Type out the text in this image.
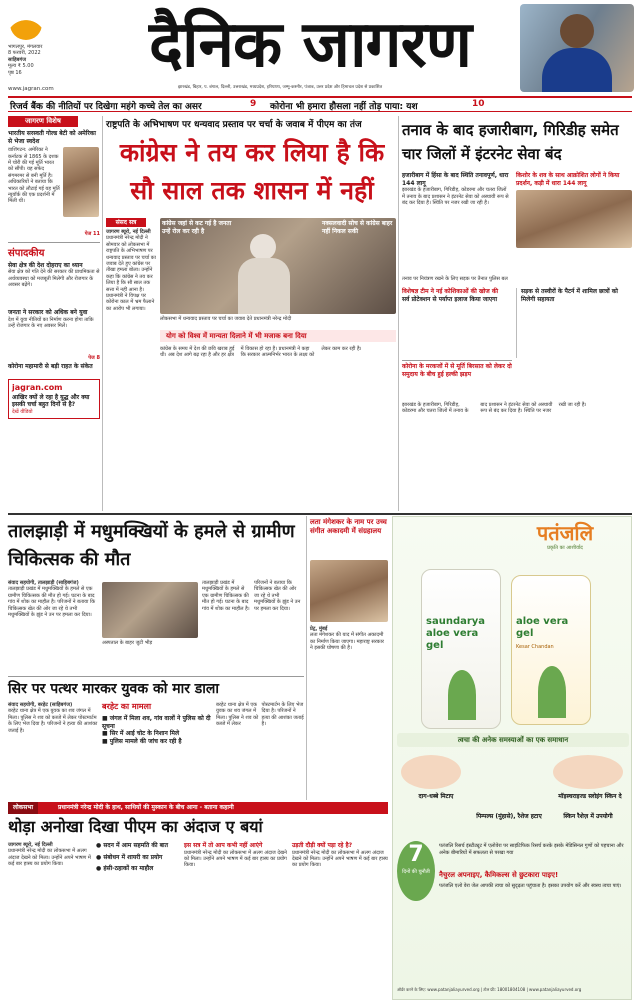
भागलपुर, मंगलवार
8 फरवरी, 2022
साहिबगंज
मूल्य ₹ 5.00
पृष्ठ 16
www.jagran.com
दैनिक जागरण
झारखंड, बिहार, प. बंगाल, दिल्ली, उत्तराखंड, मध्यप्रदेश, हरियाणा, जम्मू-कश्मीर, पंजाब, उत्तर प्रदेश और हिमाचल प्रदेश से प्रकाशित
रिजर्व बैंक की नीतियों पर दिखेगा महंगे कच्चे तेल का असर	9 कोरोना भी हमारा हौसला नहीं तोड़ पाया: यश	10
जागरण विशेष
भारतीय सरस्वती गोल्ड बेटी को अमेरिका से भेजा स्वदेश
वाशिंगटन: अमेरिका ने कर्नाटक से 1865 के दशक में चोरी की गई मूर्ति भारत को सौंपी। यह सफेद संगमरमर से बनी मूर्ति है। अधिकारियों ने बताया कि भारत को लौटाई गई यह मूर्ति न्यूयॉर्क की एक प्रदर्शनी में मिली थी।
पेज 11
संपादकीय
सेवा क्षेत्र की देश दोहराए का ध्यान
सेवा क्षेत्र को गति देने की सरकार की प्राथमिकता से अर्थव्यवस्था को मजबूती मिलेगी और रोजगार के अवसर बढ़ेंगे।
जनता ने सरकार को अधिक बने युवा
देश में युवा नीतियों का निर्माण करना होगा ताकि उन्हें रोजगार के नए अवसर मिलें।
पेज 8
कोरोना महामारी से बड़ी राहत के संकेत
jagran.com
आखिर क्यों ले रहा है युद्ध और क्या इसकी चर्चा बहुत दिनों से है?
देखें वीडियो
राष्ट्रपति के अभिभाषण पर धन्यवाद प्रस्ताव पर चर्चा के जवाब में पीएम का तंज
कांग्रेस ने तय कर लिया है कि सौ साल तक शासन में नहीं
संसद सत्र
जागरण ब्यूरो, नई दिल्ली
प्रधानमंत्री नरेन्द्र मोदी ने सोमवार को लोकसभा में राष्ट्रपति के अभिभाषण पर धन्यवाद प्रस्ताव पर चर्चा का जवाब देते हुए कांग्रेस पर तीखा हमला बोला। उन्होंने कहा कि कांग्रेस ने तय कर लिया है कि सौ साल तक सत्ता में नहीं आना है। प्रधानमंत्री ने विपक्ष पर कोरोना काल में भ्रम फैलाने का आरोप भी लगाया।
कांग्रेस जहां से कट गई है जनता उन्हें रोल कर रही है
नक्सलवादी सोच से कांग्रेस बाहर नहीं निकल सकी
लोकसभा में धन्यवाद प्रस्ताव पर चर्चा का जवाब देते प्रधानमंत्री नरेन्द्र मोदी
योग को विश्व में मान्यता दिलाने में भी मजाक बना दिया
कांग्रेस के समय में देश की छवि खराब हुई थी। अब देश आगे बढ़ रहा है और हर क्षेत्र में विकास हो रहा है। प्रधानमंत्री ने कहा कि सरकार आत्मनिर्भर भारत के लक्ष्य को लेकर काम कर रही है।
तनाव के बाद हजारीबाग, गिरिडीह समेत चार जिलों में इंटरनेट सेवा बंद
हजारीबाग में हिंसा के बाद स्थिति तनावपूर्ण, धारा 144 लागू
झारखंड के हजारीबाग, गिरिडीह, कोडरमा और चतरा जिलों में तनाव के बाद प्रशासन ने इंटरनेट सेवा को अस्थायी रूप से बंद कर दिया है। स्थिति पर नजर रखी जा रही है।
किशोर के शव के साथ आक्रोशित लोगों ने किया प्रदर्शन, कड़ी में धारा 144 लागू
तनाव पर नियंत्रण रखने के लिए सड़क पर तैनात पुलिस बल
विशेषज्ञ टीम ने नई कोशिकाओं की खोज की
सर्व प्रोटेक्शन से पर्याप्त इलाज किया जाएगा
सड़क से तस्वीरों के पैटर्न में शामिल छात्रों को मिलेगी सहायता
कोरोना के मरकजों में से मूर्ति बिरसात को लेकर दो समुदाय के बीच हुई हल्की झड़प
झारखंड के हजारीबाग, गिरिडीह, कोडरमा और चतरा जिलों में तनाव के बाद प्रशासन ने इंटरनेट सेवा को अस्थायी रूप से बंद कर दिया है। स्थिति पर नजर रखी जा रही है।
तालझाड़ी में मधुमक्खियों के हमले से ग्रामीण चिकित्सक की मौत
संवाद सहयोगी, तालझाड़ी (साहिबगंज)
तालझाड़ी प्रखंड में मधुमक्खियों के हमले से एक ग्रामीण चिकित्सक की मौत हो गई। घटना के बाद गांव में शोक का माहौल है। परिजनों ने बताया कि चिकित्सक खेत की ओर जा रहे थे तभी मधुमक्खियों के झुंड ने उन पर हमला कर दिया।
अस्पताल के बाहर जुटी भीड़
तालझाड़ी प्रखंड में मधुमक्खियों के हमले से एक ग्रामीण चिकित्सक की मौत हो गई। घटना के बाद गांव में शोक का माहौल है। परिजनों ने बताया कि चिकित्सक खेत की ओर जा रहे थे तभी मधुमक्खियों के झुंड ने उन पर हमला कर दिया।
सिर पर पत्थर मारकर युवक को मार डाला
संवाद सहयोगी, बरहेट (साहिबगंज)
बरहेट थाना क्षेत्र में एक युवक का शव जंगल में मिला। पुलिस ने शव को कब्जे में लेकर पोस्टमार्टम के लिए भेज दिया है। परिजनों ने हत्या की आशंका जताई है।
बरहेट का मामला
■ जंगल में मिला शव, गांव वालों ने पुलिस को दी सूचना
■ सिर में आई चोट के निशान मिले
■ पुलिस मामले की जांच कर रही है
बरहेट थाना क्षेत्र में एक युवक का शव जंगल में मिला। पुलिस ने शव को कब्जे में लेकर पोस्टमार्टम के लिए भेज दिया है। परिजनों ने हत्या की आशंका जताई है।
लता मंगेशकर के नाम पर उच्च संगीत अकादमी में संग्रहालय
प्रेट्र, मुंबई
लता मंगेशकर की याद में संगीत अकादमी का निर्माण किया जाएगा। महाराष्ट्र सरकार ने इसकी घोषणा की है।
पतंजलि
प्रकृति का आशीर्वाद
saundarya aloe vera gel
aloe vera gel
Kesar Chandan
त्वचा की अनेक समस्याओं का एक समाधान
दाग-धब्बे मिटाए	मॉइस्चराइज्ड स्लोइंग स्किन दे
पिम्पल्स (मुंहासे), रैशेज हटाए	स्किन रैशेज़ में उपयोगी
7
दिनों की चुनौती
पतंजलि रिसर्च इंस्टीट्यूट में एलोवेरा पर साइंटिफिक रिसर्च करके इसके मेडिसिनल गुणों को पहचाना और अनेक बीमारियों में सफलता से परखा गया
नैचुरल अपनाइए, कैमिकल्स से छुटकारा पाइए!
पतंजलि एलो वेरा जेल आपकी त्वचा को सुदृढ़ता पहुंचाता है। इसका उपयोग करें और स्वस्थ त्वचा पाएं।
ऑर्डर करने के लिए: www.patanjaliayurved.org | टोल फ्री: 18001804108 | www.patanjaliayurved.org
लोकसभा	प्रधानमंत्री नरेन्द्र मोदी के हाथ, साथियों की मुस्कान के बीच आना - बताना कहानी
थोड़ा अनोखा दिखा पीएम का अंदाज ए बयां
जागरण ब्यूरो, नई दिल्ली
प्रधानमंत्री नरेन्द्र मोदी का लोकसभा में अलग अंदाज देखने को मिला। उन्होंने अपने भाषण में कई बार हास्य का प्रयोग किया।
● सदन में आम सहमति की बात
● संबोधन में शायरी का प्रयोग
● हंसी-ठहाकों का माहौल
इस सत्र में तो आप कभी नहीं आएंगे
प्रधानमंत्री नरेन्द्र मोदी का लोकसभा में अलग अंदाज देखने को मिला। उन्होंने अपने भाषण में कई बार हास्य का प्रयोग किया।
उड़ती दौड़ी क्यों पड़ा रहे है?
प्रधानमंत्री नरेन्द्र मोदी का लोकसभा में अलग अंदाज देखने को मिला। उन्होंने अपने भाषण में कई बार हास्य का प्रयोग किया।
